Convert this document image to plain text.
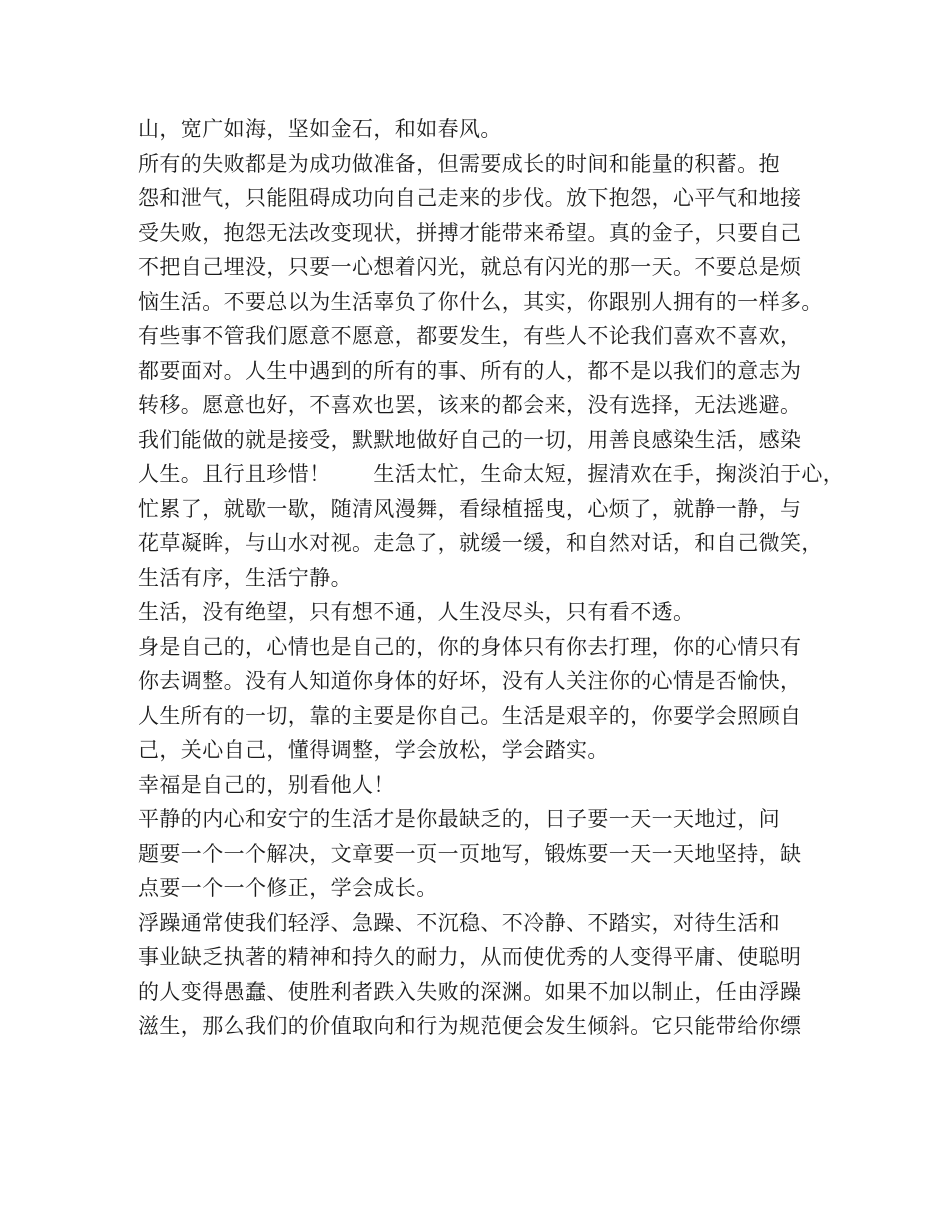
山，宽广如海，坚如金石，和如春风。
所有的失败都是为成功做准备，但需要成长的时间和能量的积蓄。抱
怨和泄气，只能阻碍成功向自己走来的步伐。放下抱怨，心平气和地接
受失败，抱怨无法改变现状，拼搏才能带来希望。真的金子，只要自己
不把自己埋没，只要一心想着闪光，就总有闪光的那一天。不要总是烦
恼生活。不要总以为生活辜负了你什么，其实，你跟别人拥有的一样多。
有些事不管我们愿意不愿意，都要发生，有些人不论我们喜欢不喜欢，
都要面对。人生中遇到的所有的事、所有的人，都不是以我们的意志为
转移。愿意也好，不喜欢也罢，该来的都会来，没有选择，无法逃避。
我们能做的就是接受，默默地做好自己的一切，用善良感染生活，感染
人生。且行且珍惜！　　生活太忙，生命太短，握清欢在手，掬淡泊于心，
忙累了，就歇一歇，随清风漫舞，看绿植摇曳，心烦了，就静一静，与
花草凝眸，与山水对视。走急了，就缓一缓，和自然对话，和自己微笑，
生活有序，生活宁静。
生活，没有绝望，只有想不通，人生没尽头，只有看不透。
身是自己的，心情也是自己的，你的身体只有你去打理，你的心情只有
你去调整。没有人知道你身体的好坏，没有人关注你的心情是否愉快，
人生所有的一切，靠的主要是你自己。生活是艰辛的，你要学会照顾自
己，关心自己，懂得调整，学会放松，学会踏实。
幸福是自己的，别看他人！
平静的内心和安宁的生活才是你最缺乏的，日子要一天一天地过，问
题要一个一个解决，文章要一页一页地写，锻炼要一天一天地坚持，缺
点要一个一个修正，学会成长。
浮躁通常使我们轻浮、急躁、不沉稳、不冷静、不踏实，对待生活和
事业缺乏执著的精神和持久的耐力，从而使优秀的人变得平庸、使聪明
的人变得愚蠢、使胜利者跌入失败的深渊。如果不加以制止，任由浮躁
滋生，那么我们的价值取向和行为规范便会发生倾斜。它只能带给你缥
